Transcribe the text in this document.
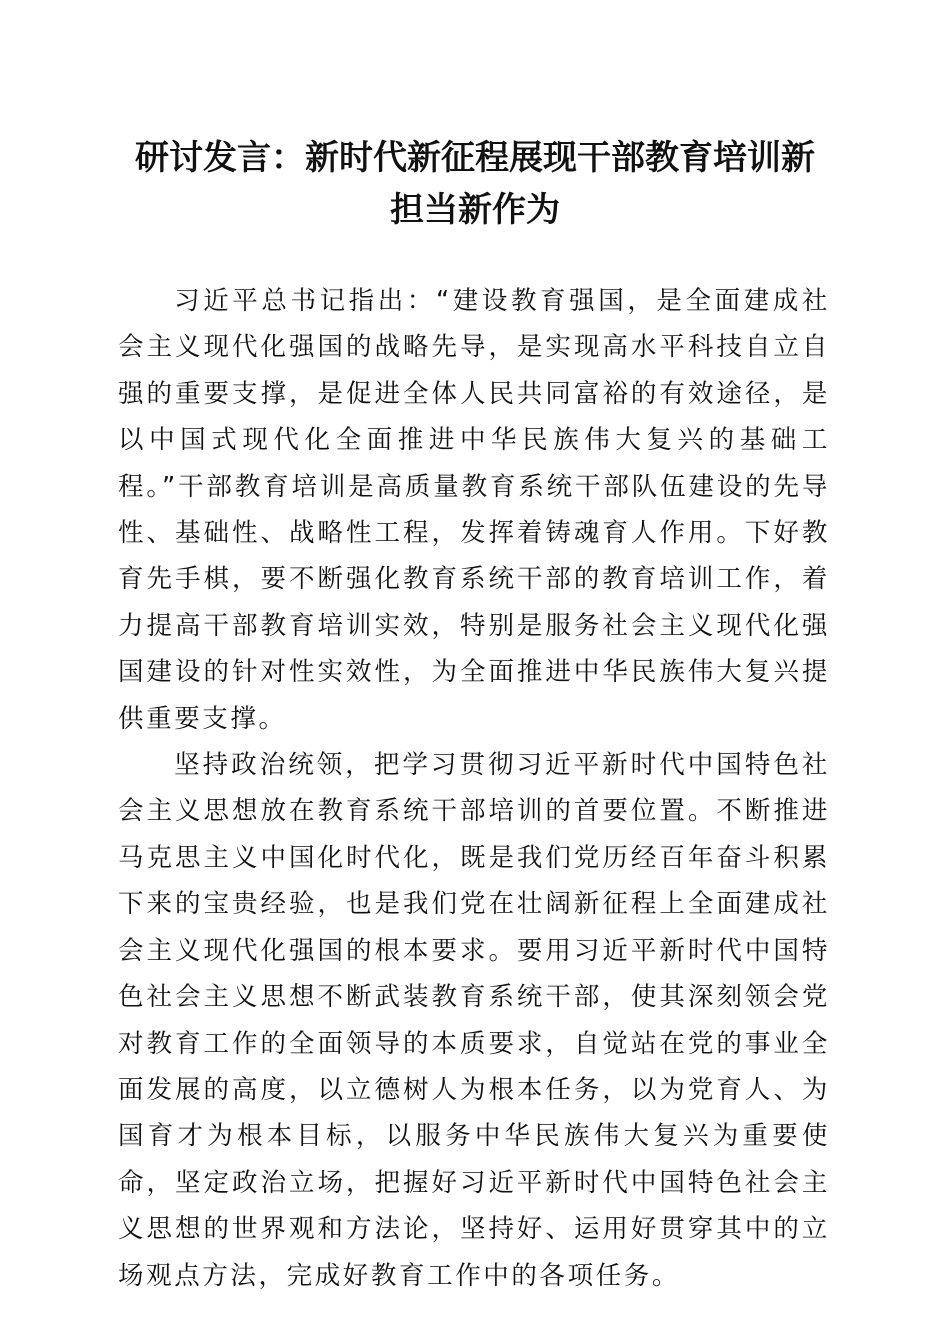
研讨发言：新时代新征程展现干部教育培训新
担当新作为

习近平总书记指出：“建设教育强国，是全面建成社会主义现代化强国的战略先导，是实现高水平科技自立自强的重要支撑，是促进全体人民共同富裕的有效途径，是以中国式现代化全面推进中华民族伟大复兴的基础工程。”干部教育培训是高质量教育系统干部队伍建设的先导性、基础性、战略性工程，发挥着铸魂育人作用。下好教育先手棋，要不断强化教育系统干部的教育培训工作，着力提高干部教育培训实效，特别是服务社会主义现代化强国建设的针对性实效性，为全面推进中华民族伟大复兴提供重要支撑。

坚持政治统领，把学习贯彻习近平新时代中国特色社会主义思想放在教育系统干部培训的首要位置。不断推进马克思主义中国化时代化，既是我们党历经百年奋斗积累下来的宝贵经验，也是我们党在壮阔新征程上全面建成社会主义现代化强国的根本要求。要用习近平新时代中国特色社会主义思想不断武装教育系统干部，使其深刻领会党对教育工作的全面领导的本质要求，自觉站在党的事业全面发展的高度，以立德树人为根本任务，以为党育人、为国育才为根本目标，以服务中华民族伟大复兴为重要使命，坚定政治立场，把握好习近平新时代中国特色社会主义思想的世界观和方法论，坚持好、运用好贯穿其中的立场观点方法，完成好教育工作中的各项任务。
